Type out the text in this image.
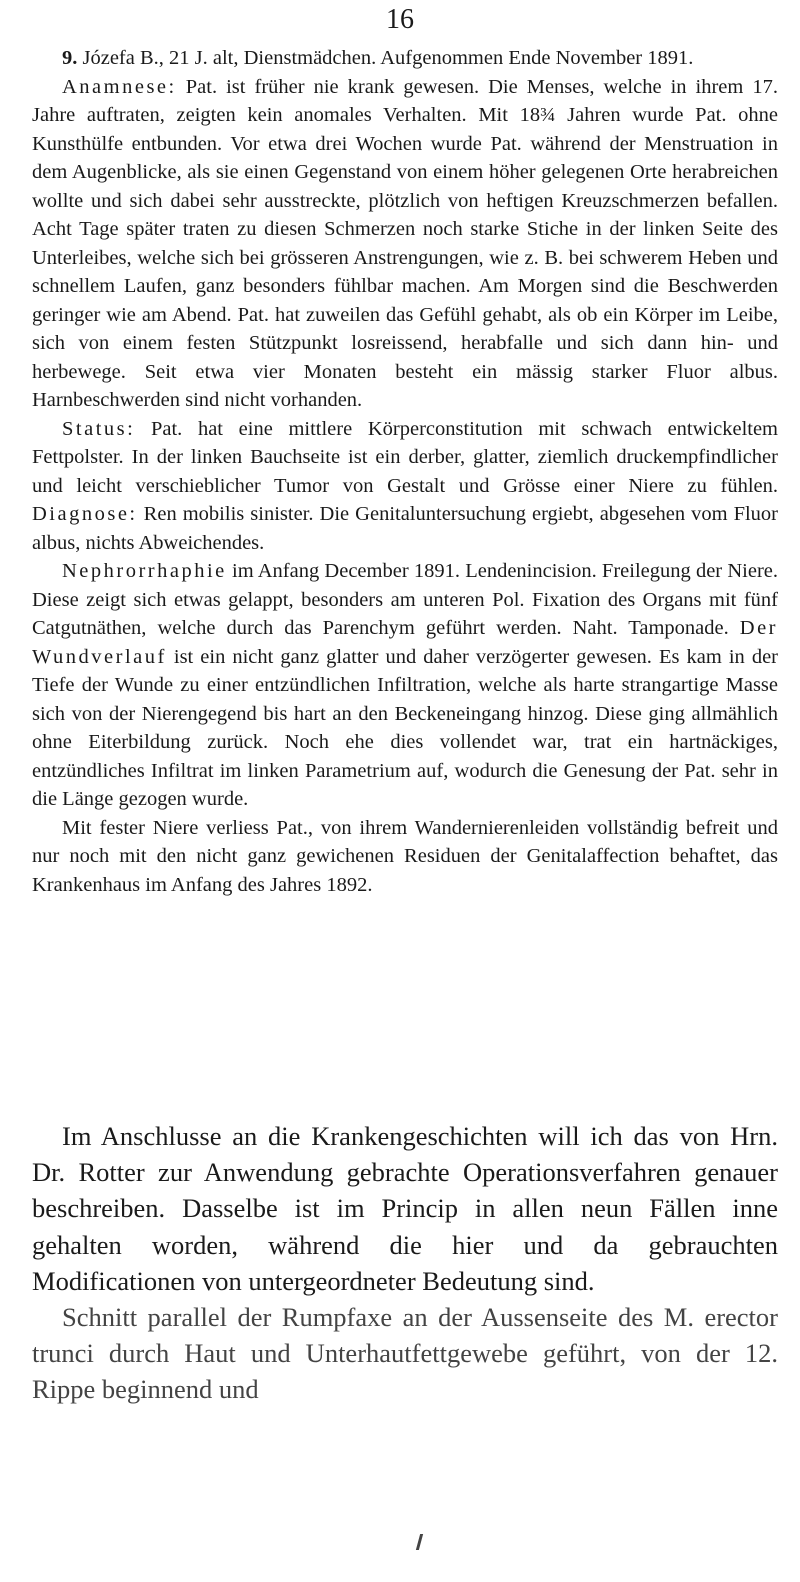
16

9. Józefa B., 21 J. alt, Dienstmädchen. Aufgenommen Ende November 1891.

Anamnese: Pat. ist früher nie krank gewesen. Die Menses, welche in ihrem 17. Jahre auftraten, zeigten kein anomales Verhalten. Mit 18¾ Jahren wurde Pat. ohne Kunsthülfe entbunden. Vor etwa drei Wochen wurde Pat. während der Menstruation in dem Augenblicke, als sie einen Gegenstand von einem höher gelegenen Orte herabreichen wollte und sich dabei sehr ausstreckte, plötzlich von heftigen Kreuzschmerzen befallen. Acht Tage später traten zu diesen Schmerzen noch starke Stiche in der linken Seite des Unterleibes, welche sich bei grösseren Anstrengungen, wie z. B. bei schwerem Heben und schnellem Laufen, ganz besonders fühlbar machen. Am Morgen sind die Beschwerden geringer wie am Abend. Pat. hat zuweilen das Gefühl gehabt, als ob ein Körper im Leibe, sich von einem festen Stützpunkt losreissend, herabfalle und sich dann hin- und herbewege. Seit etwa vier Monaten besteht ein mässig starker Fluor albus. Harnbeschwerden sind nicht vorhanden.

Status: Pat. hat eine mittlere Körperconstitution mit schwach entwickeltem Fettpolster. In der linken Bauchseite ist ein derber, glatter, ziemlich druckempfindlicher und leicht verschieblicher Tumor von Gestalt und Grösse einer Niere zu fühlen. Diagnose: Ren mobilis sinister. Die Genitaluntersuchung ergiebt, abgesehen vom Fluor albus, nichts Abweichendes.

Nephrorrhaphie im Anfang December 1891. Lendenincision. Freilegung der Niere. Diese zeigt sich etwas gelappt, besonders am unteren Pol. Fixation des Organs mit fünf Catgutnäthen, welche durch das Parenchym geführt werden. Naht. Tamponade. Der Wundverlauf ist ein nicht ganz glatter und daher verzögerter gewesen. Es kam in der Tiefe der Wunde zu einer entzündlichen Infiltration, welche als harte strangartige Masse sich von der Nierengegend bis hart an den Beckeneingang hinzog. Diese ging allmählich ohne Eiterbildung zurück. Noch ehe dies vollendet war, trat ein hartnäckiges, entzündliches Infiltrat im linken Parametrium auf, wodurch die Genesung der Pat. sehr in die Länge gezogen wurde.

Mit fester Niere verliess Pat., von ihrem Wandernierenleiden vollständig befreit und nur noch mit den nicht ganz gewichenen Residuen der Genitalaffection behaftet, das Krankenhaus im Anfang des Jahres 1892.

Im Anschlusse an die Krankengeschichten will ich das von Hrn. Dr. Rotter zur Anwendung gebrachte Operationsverfahren genauer beschreiben. Dasselbe ist im Princip in allen neun Fällen inne gehalten worden, während die hier und da gebrauchten Modificationen von untergeordneter Bedeutung sind.

Schnitt parallel der Rumpfaxe an der Aussenseite des M. erector trunci durch Haut und Unterhautfettgewebe geführt, von der 12. Rippe beginnend und
